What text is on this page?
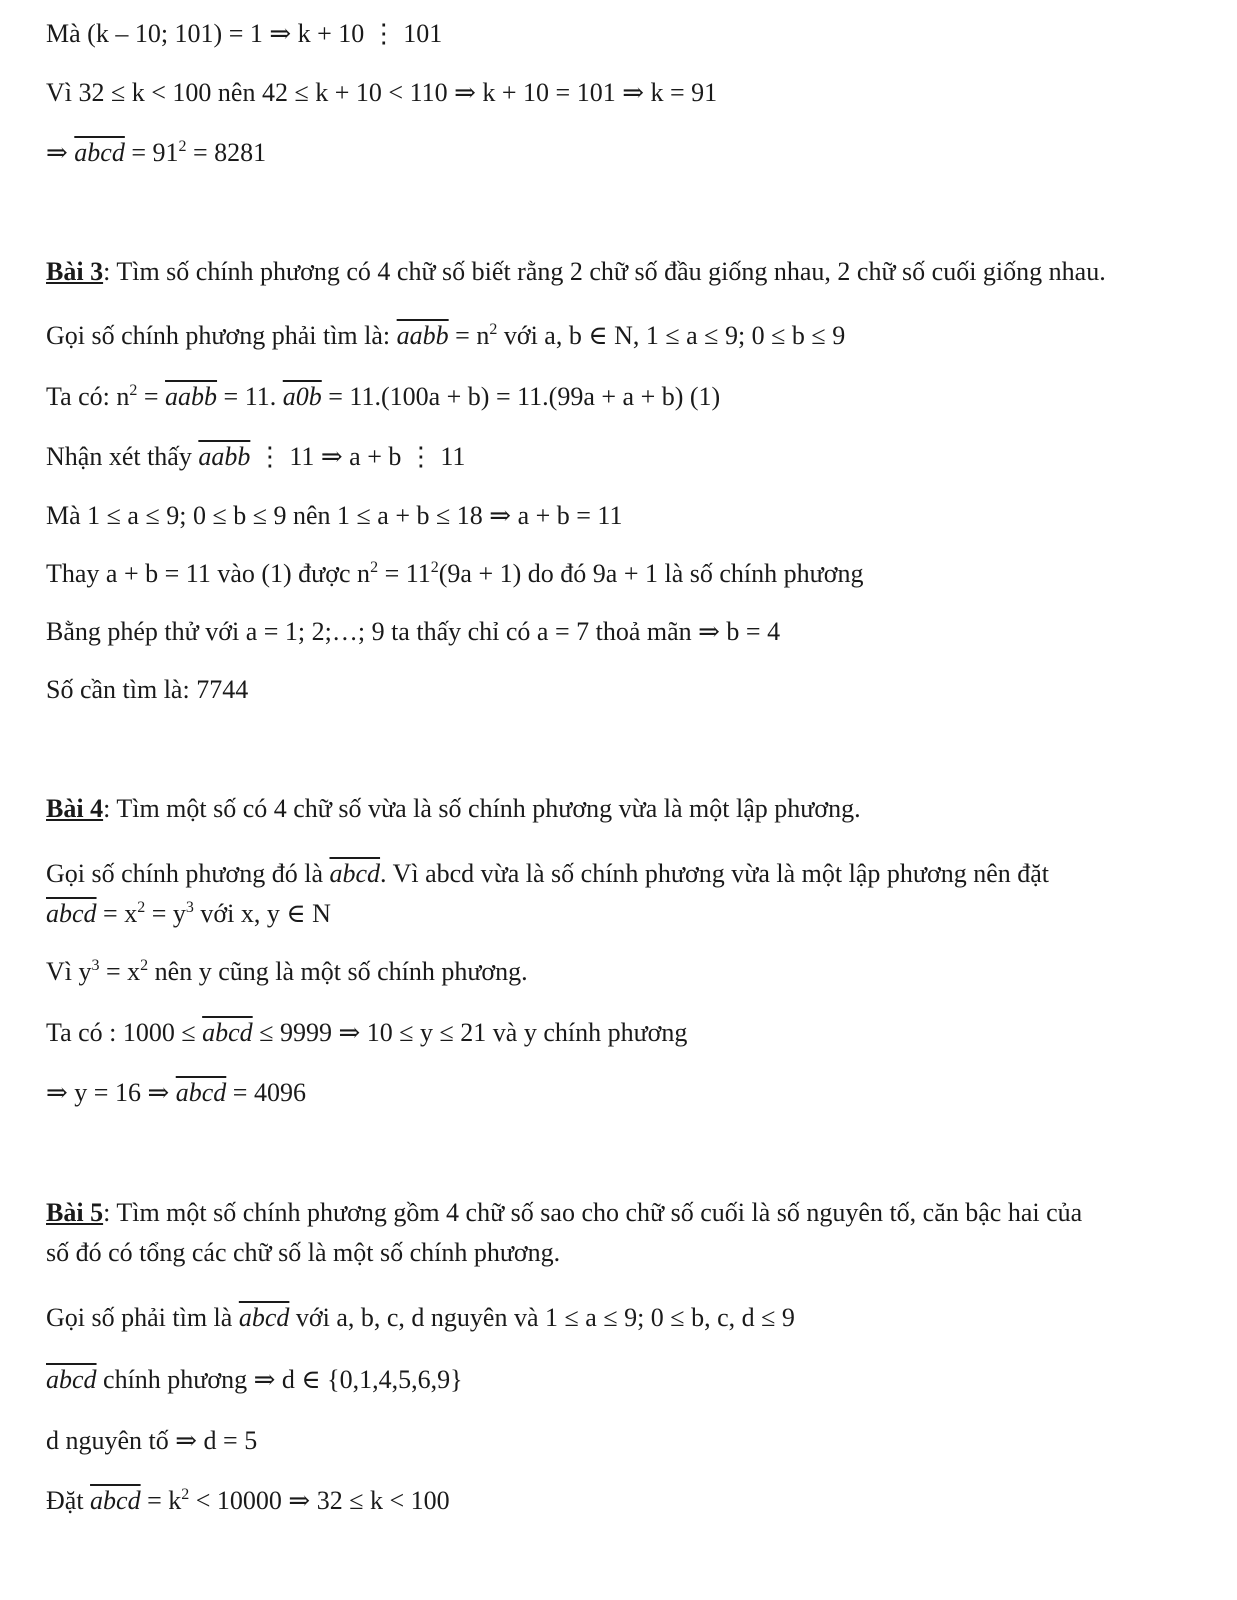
Mà (k – 10; 101) = 1 ⇒ k + 10 ⋮ 101
Vì 32 ≤ k < 100 nên 42 ≤ k + 10 < 110 ⇒ k + 10 = 101 ⇒ k = 91
⇒ abcd = $91^2 = 8281$
Bài 3: Tìm số chính phương có 4 chữ số biết rằng 2 chữ số đầu giống nhau, 2 chữ số cuối giống nhau.
Gọi số chính phương phải tìm là: aabb = $n^2$ với a, b ∈ N, 1 ≤ a ≤ 9; 0 ≤ b ≤ 9
Ta có: $n^2$ = aabb = 11. a0b = 11.(100a + b) = 11.(99a + a + b) (1)
Nhận xét thấy aabb ⋮ 11 ⇒ a + b ⋮ 11
Mà 1 ≤ a ≤ 9; 0 ≤ b ≤ 9 nên 1 ≤ a + b ≤ 18 ⇒ a + b = 11
Thay a + b = 11 vào (1) được $n^2 = 11^2(9a + 1)$ do đó 9a + 1 là số chính phương
Bằng phép thử với a = 1; 2;…; 9 ta thấy chỉ có a = 7 thoả mãn ⇒ b = 4
Số cần tìm là: 7744
Bài 4: Tìm một số có 4 chữ số vừa là số chính phương vừa là một lập phương.
Gọi số chính phương đó là abcd. Vì abcd vừa là số chính phương vừa là một lập phương nên đặt
abcd = $x^2 = y^3$ với x, y ∈ N
Vì $y^3 = x^2$ nên y cũng là một số chính phương.
Ta có : 1000 ≤ abcd ≤ 9999 ⇒ 10 ≤ y ≤ 21 và y chính phương
⇒ y = 16 ⇒ abcd = 4096
Bài 5: Tìm một số chính phương gồm 4 chữ số sao cho chữ số cuối là số nguyên tố, căn bậc hai của
số đó có tổng các chữ số là một số chính phương.
Gọi số phải tìm là abcd với a, b, c, d nguyên và 1 ≤ a ≤ 9; 0 ≤ b, c, d ≤ 9
abcd chính phương ⇒ d ∈ {0,1,4,5,6,9}
d nguyên tố ⇒ d = 5
Đặt abcd = $k^2 < 10000$ ⇒ 32 ≤ k < 100
